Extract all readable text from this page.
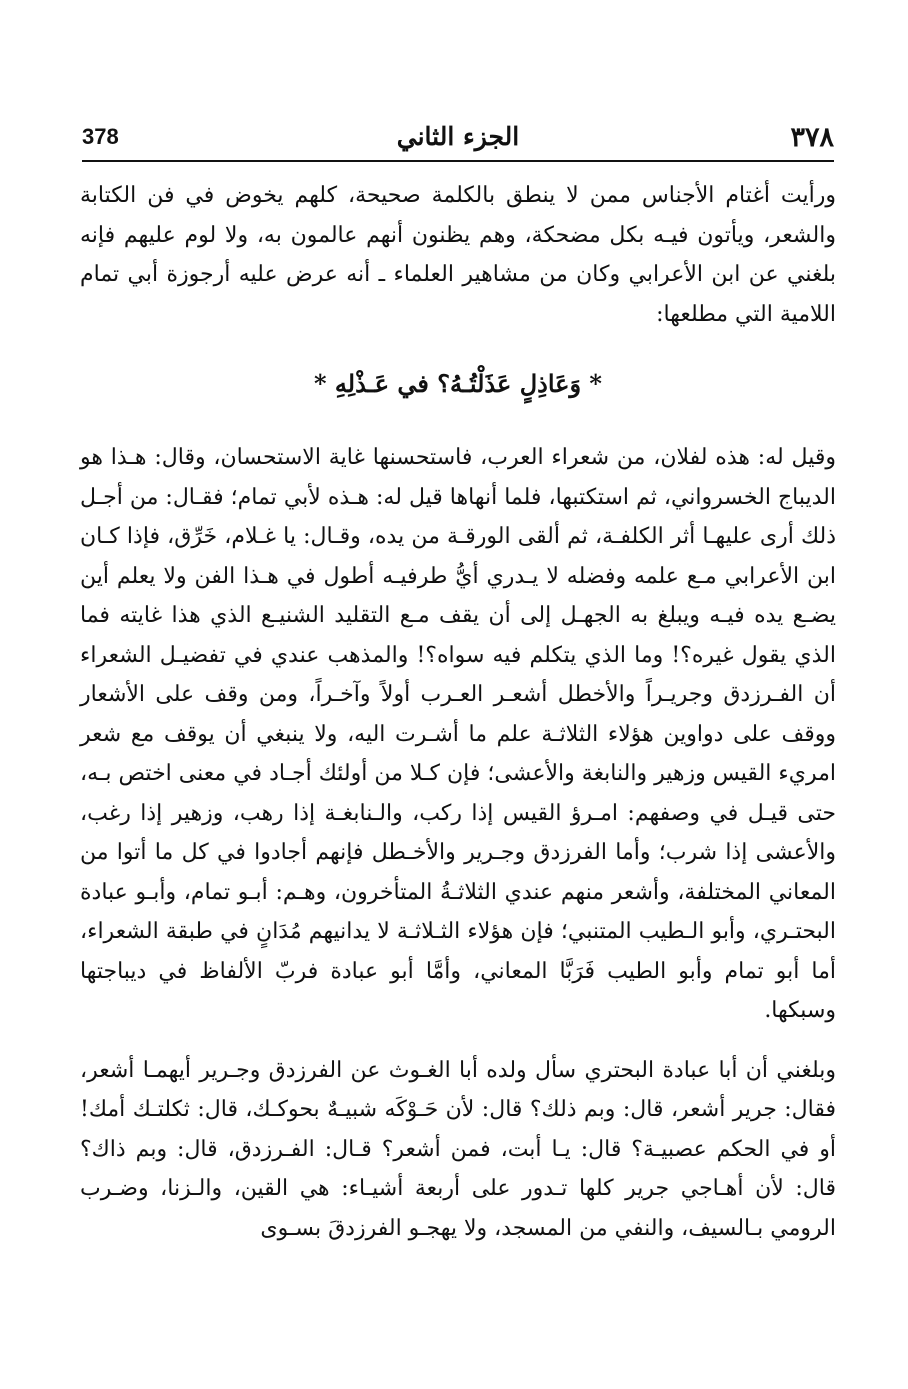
٣٧٨
الجزء الثاني
378

ورأيت أغتام الأجناس ممن لا ينطق بالكلمة صحيحة، كلهم يخوض في فن الكتابة والشعر، ويأتون فيـه بكل مضحكة، وهم يظنون أنهم عالمون به، ولا لوم عليهم فإنه بلغني عن ابن الأعرابي وكان من مشاهير العلماء ـ أنه عرض عليه أرجوزة أبي تمام اللامية التي مطلعها:

* وَعَاذِلٍ عَذَلْتُـهُ؟ في عَـذْلِهِ *

وقيل له: هذه لفلان، من شعراء العرب، فاستحسنها غاية الاستحسان، وقال: هـذا هو الديباج الخسرواني، ثم استكتبها، فلما أنهاها قيل له: هـذه لأبي تمام؛ فقـال: من أجـل ذلك أرى عليهـا أثر الكلفـة، ثم ألقى الورقـة من يده، وقـال: يا غـلام، خَرِّق، فإذا كـان ابن الأعرابي مـع علمه وفضله لا يـدري أيُّ طرفيـه أطول في هـذا الفن ولا يعلم أين يضـع يده فيـه ويبلغ به الجهـل إلى أن يقف مـع التقليد الشنيـع الذي هذا غايته فما الذي يقول غيره؟! وما الذي يتكلم فيه سواه؟! والمذهب عندي في تفضيـل الشعراء أن الفـرزدق وجريـراً والأخطل أشعـر العـرب أولاً وآخـراً، ومن وقف على الأشعار ووقف على دواوين هؤلاء الثلاثـة علم ما أشـرت اليه، ولا ينبغي أن يوقف مع شعر امريء القيس وزهير والنابغة والأعشى؛ فإن كـلا من أولئك أجـاد في معنى اختص بـه، حتى قيـل في وصفهم: امـرؤ القيس إذا ركب، والـنابغـة إذا رهب، وزهير إذا رغب، والأعشى إذا شرب؛ وأما الفرزدق وجـرير والأخـطل فإنهم أجادوا في كل ما أتوا من المعاني المختلفة، وأشعر منهم عندي الثلاثـةُ المتأخرون، وهـم: أبـو تمام، وأبـو عبادة البحتـري، وأبو الـطيب المتنبي؛ فإن هؤلاء الثـلاثـة لا يدانيهم مُدَانٍ في طبقة الشعراء، أما أبو تمام وأبو الطيب فَرَبَّا المعاني، وأمَّا أبو عبادة فربّ الألفاظ في ديباجتها وسبكها.

وبلغني أن أبا عبادة البحتري سأل ولده أبا الغـوث عن الفرزدق وجـرير أيهمـا أشعر، فقال: جرير أشعر، قال: وبم ذلك؟ قال: لأن حَـوْكَه شبيـهٌ بحوكـك، قال: ثكلتـك أمك! أو في الحكم عصبيـة؟ قال: يـا أبت، فمن أشعر؟ قـال: الفـرزدق، قال: وبم ذاك؟ قال: لأن أهـاجي جرير كلها تـدور على أربعة أشيـاء: هي القين، والـزنا، وضـرب الرومي بـالسيف، والنفي من المسجد، ولا يهجـو الفرزدقَ بسـوى
